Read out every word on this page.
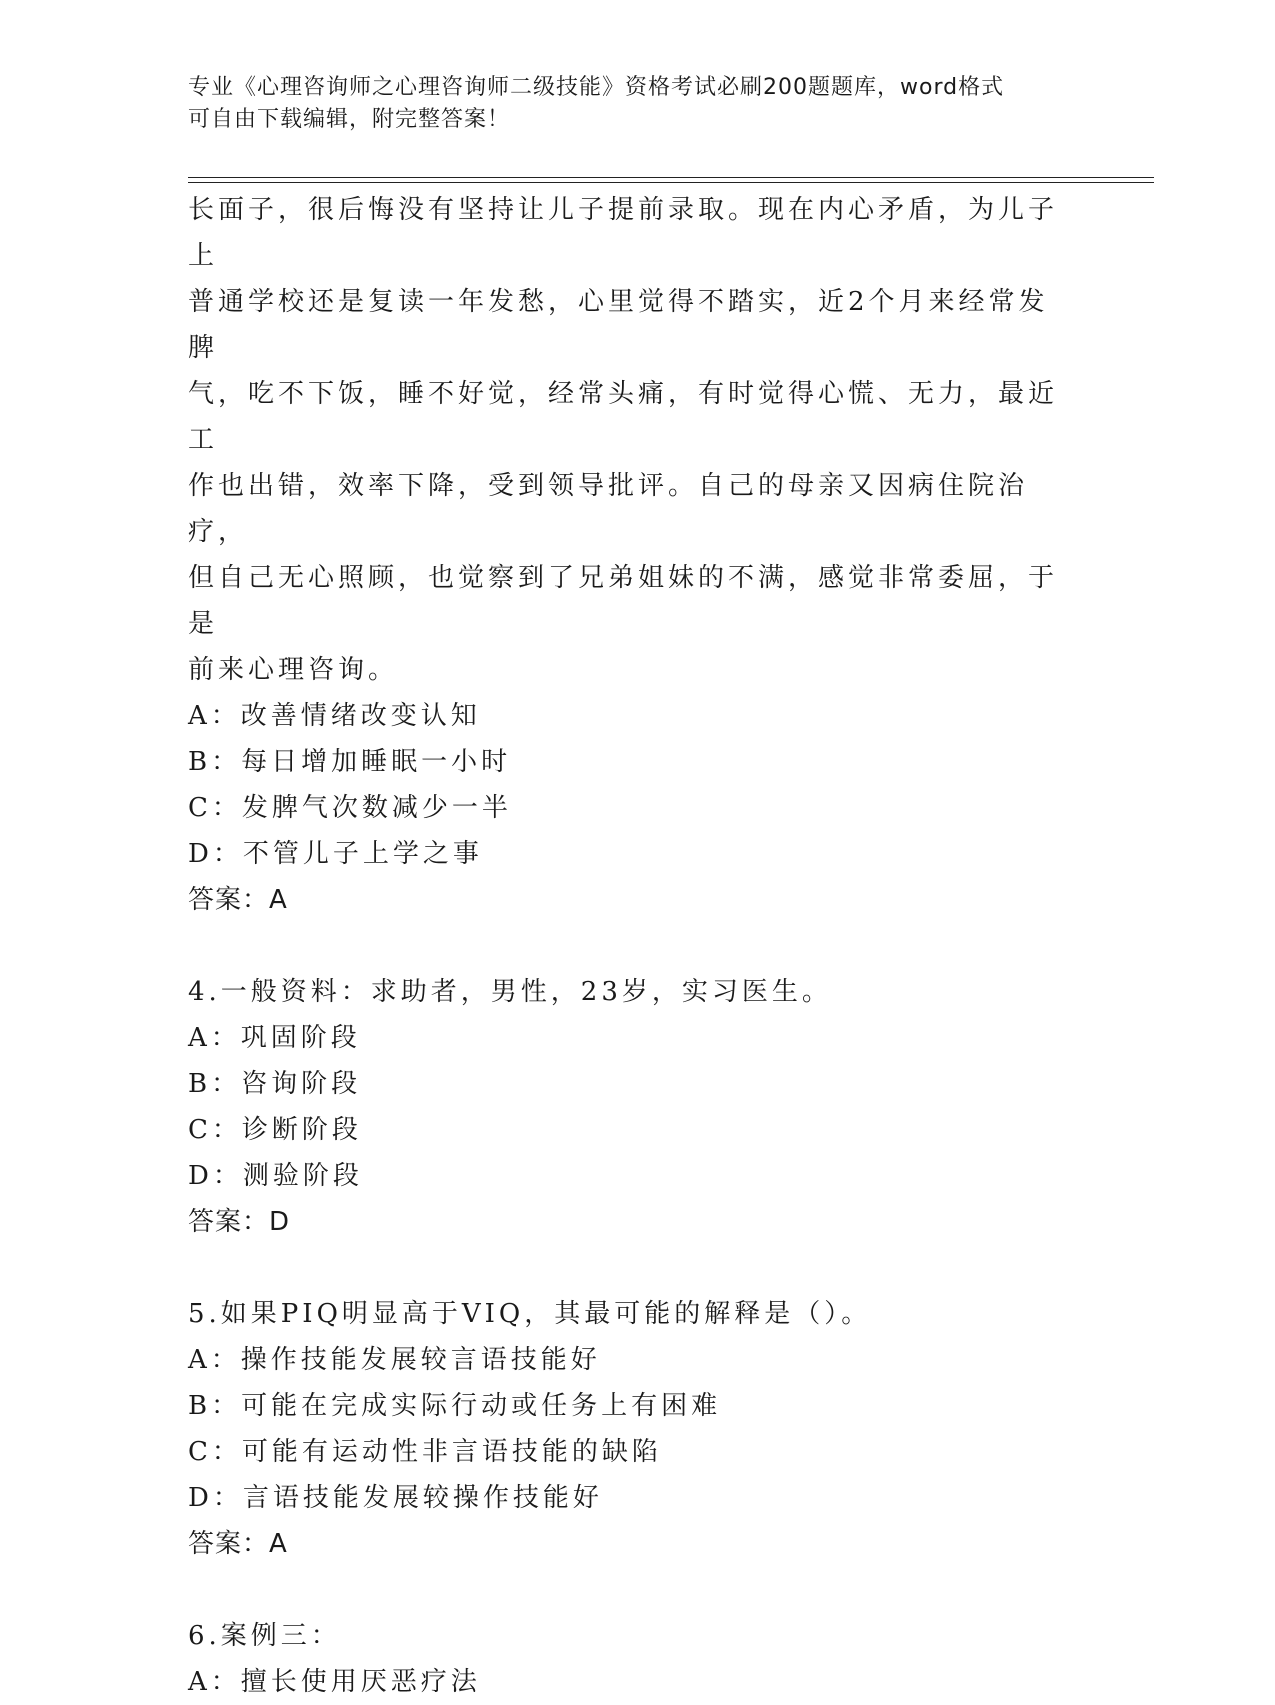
专业《心理咨询师之心理咨询师二级技能》资格考试必刷200题题库，word格式
可自由下载编辑，附完整答案！

长面子，很后悔没有坚持让儿子提前录取。现在内心矛盾，为儿子上

普通学校还是复读一年发愁，心里觉得不踏实，近2个月来经常发脾

气，吃不下饭，睡不好觉，经常头痛，有时觉得心慌、无力，最近工

作也出错，效率下降，受到领导批评。自己的母亲又因病住院治疗，

但自己无心照顾，也觉察到了兄弟姐妹的不满，感觉非常委屈，于是

前来心理咨询。

A：改善情绪改变认知

B：每日增加睡眠一小时

C：发脾气次数减少一半

D：不管儿子上学之事

答案：A

4.一般资料：求助者，男性，23岁，实习医生。

A：巩固阶段

B：咨询阶段

C：诊断阶段

D：测验阶段

答案：D

5.如果PIQ明显高于VIQ，其最可能的解释是（）。

A：操作技能发展较言语技能好

B：可能在完成实际行动或任务上有困难

C：可能有运动性非言语技能的缺陷

D：言语技能发展较操作技能好

答案：A

6.案例三：

A：擅长使用厌恶疗法
